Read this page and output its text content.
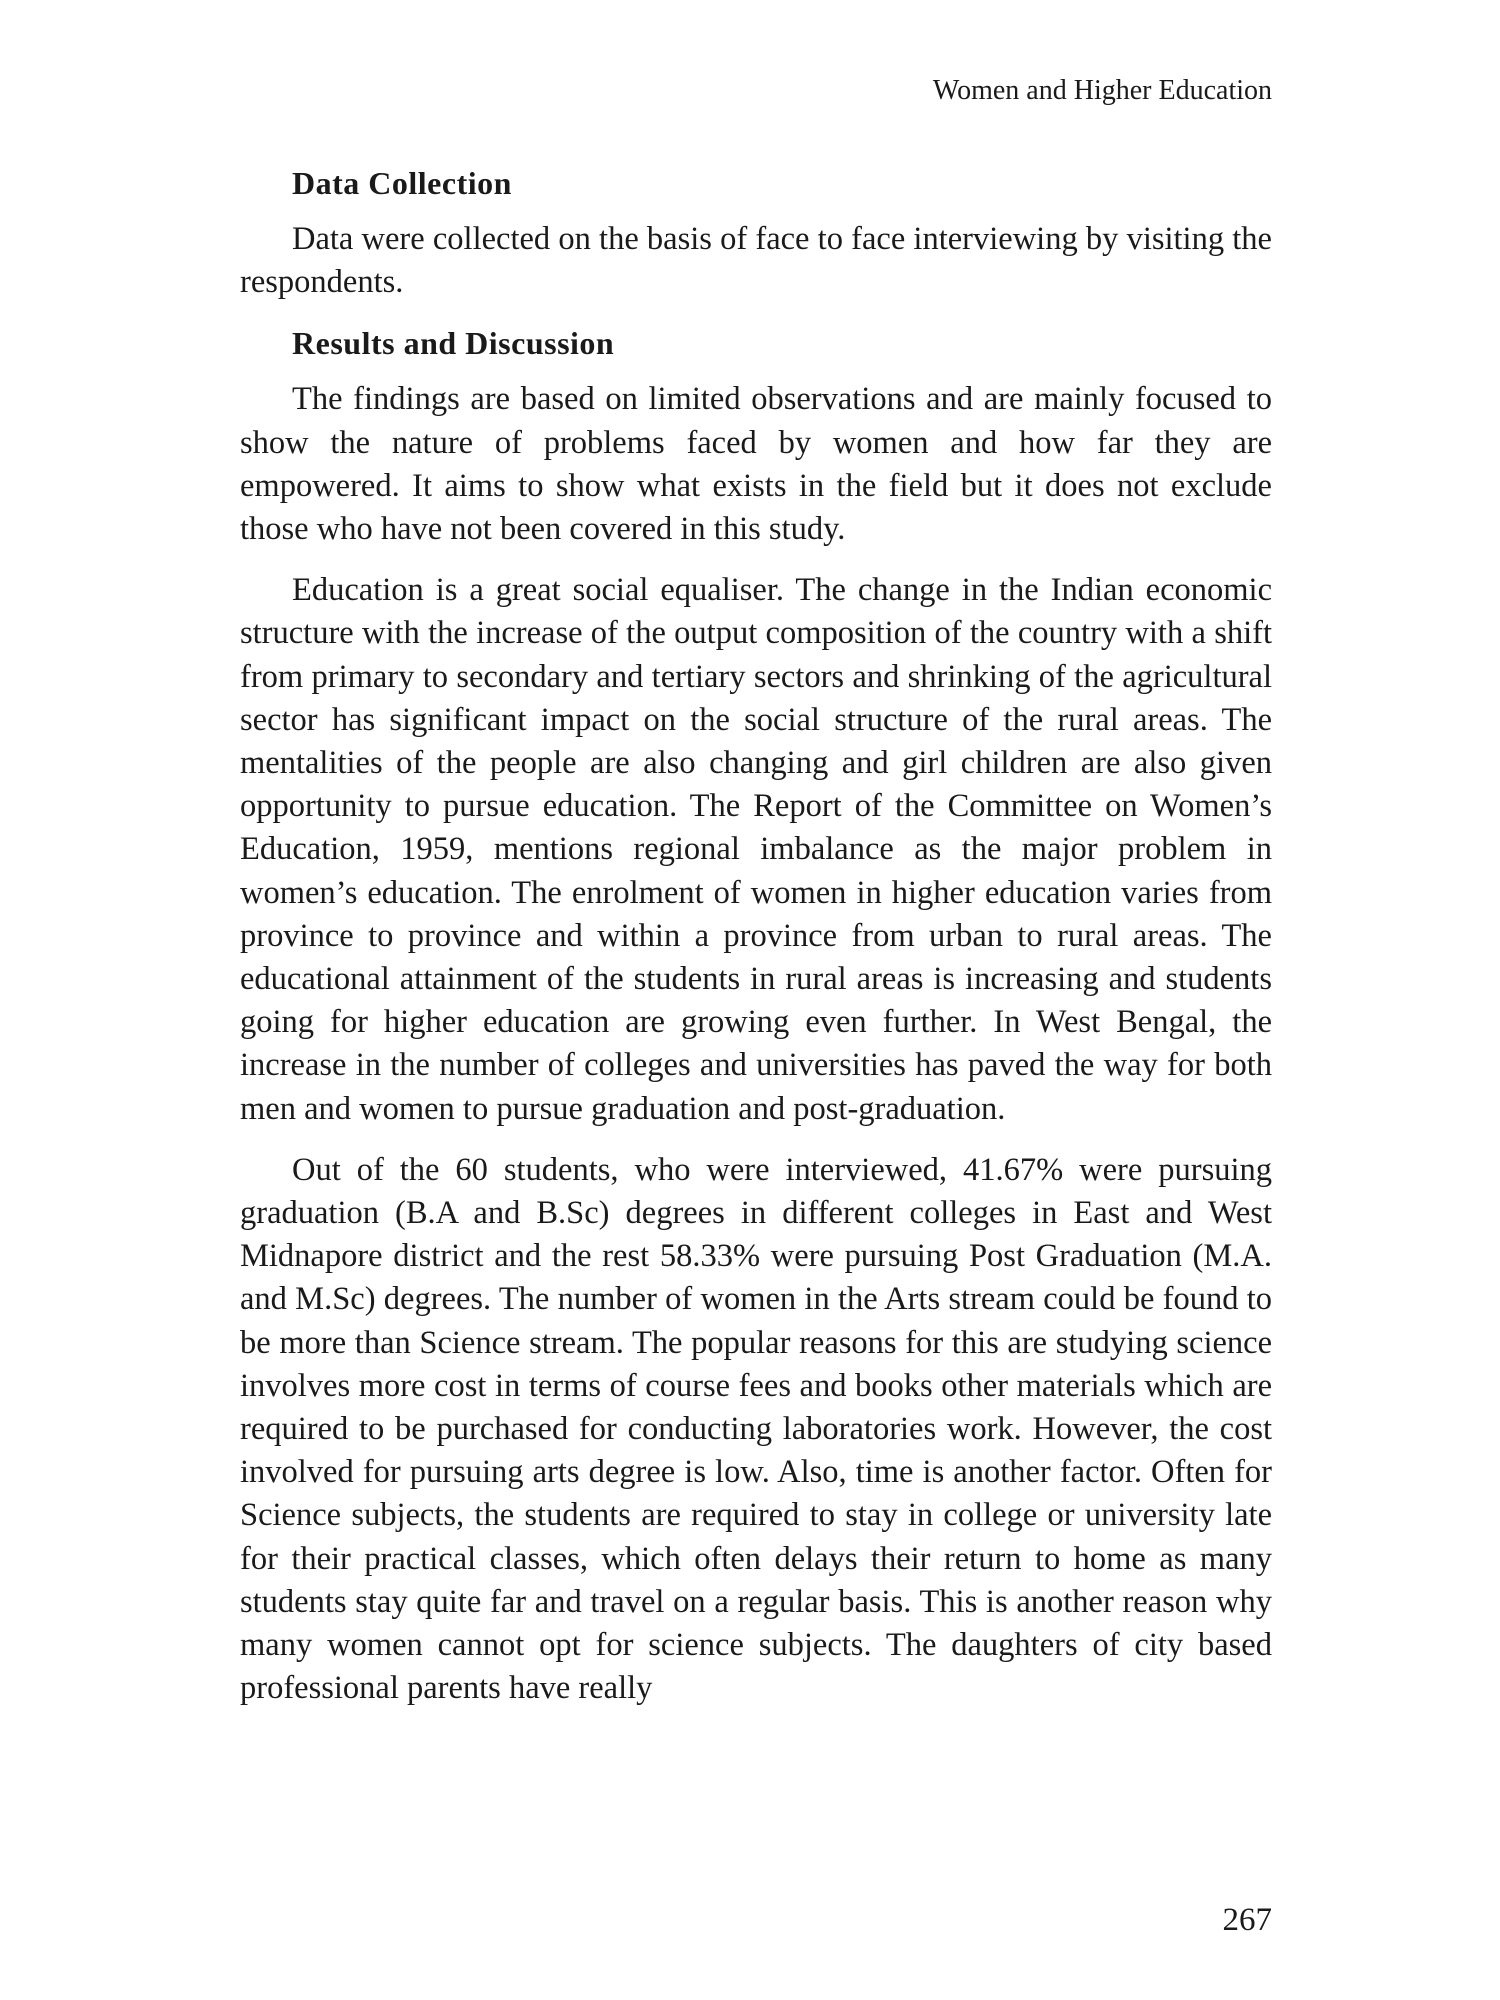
Women and Higher Education
Data Collection

Data were collected on the basis of face to face interviewing by visiting the respondents.

Results and Discussion

The findings are based on limited observations and are mainly focused to show the nature of problems faced by women and how far they are empowered. It aims to show what exists in the field but it does not exclude those who have not been covered in this study.

Education is a great social equaliser. The change in the Indian economic structure with the increase of the output composition of the country with a shift from primary to secondary and tertiary sectors and shrinking of the agricultural sector has significant impact on the social structure of the rural areas. The mentalities of the people are also changing and girl children are also given opportunity to pursue education. The Report of the Committee on Women’s Education, 1959, mentions regional imbalance as the major problem in women’s education. The enrolment of women in higher education varies from province to province and within a province from urban to rural areas. The educational attainment of the students in rural areas is increasing and students going for higher education are growing even further. In West Bengal, the increase in the number of colleges and universities has paved the way for both men and women to pursue graduation and post-graduation.

Out of the 60 students, who were interviewed, 41.67% were pursuing graduation (B.A and B.Sc) degrees in different colleges in East and West Midnapore district and the rest 58.33% were pursuing Post Graduation (M.A. and M.Sc) degrees. The number of women in the Arts stream could be found to be more than Science stream. The popular reasons for this are studying science involves more cost in terms of course fees and books other materials which are required to be purchased for conducting laboratories work. However, the cost involved for pursuing arts degree is low. Also, time is another factor. Often for Science subjects, the students are required to stay in college or university late for their practical classes, which often delays their return to home as many students stay quite far and travel on a regular basis. This is another reason why many women cannot opt for science subjects. The daughters of city based professional parents have really

267
